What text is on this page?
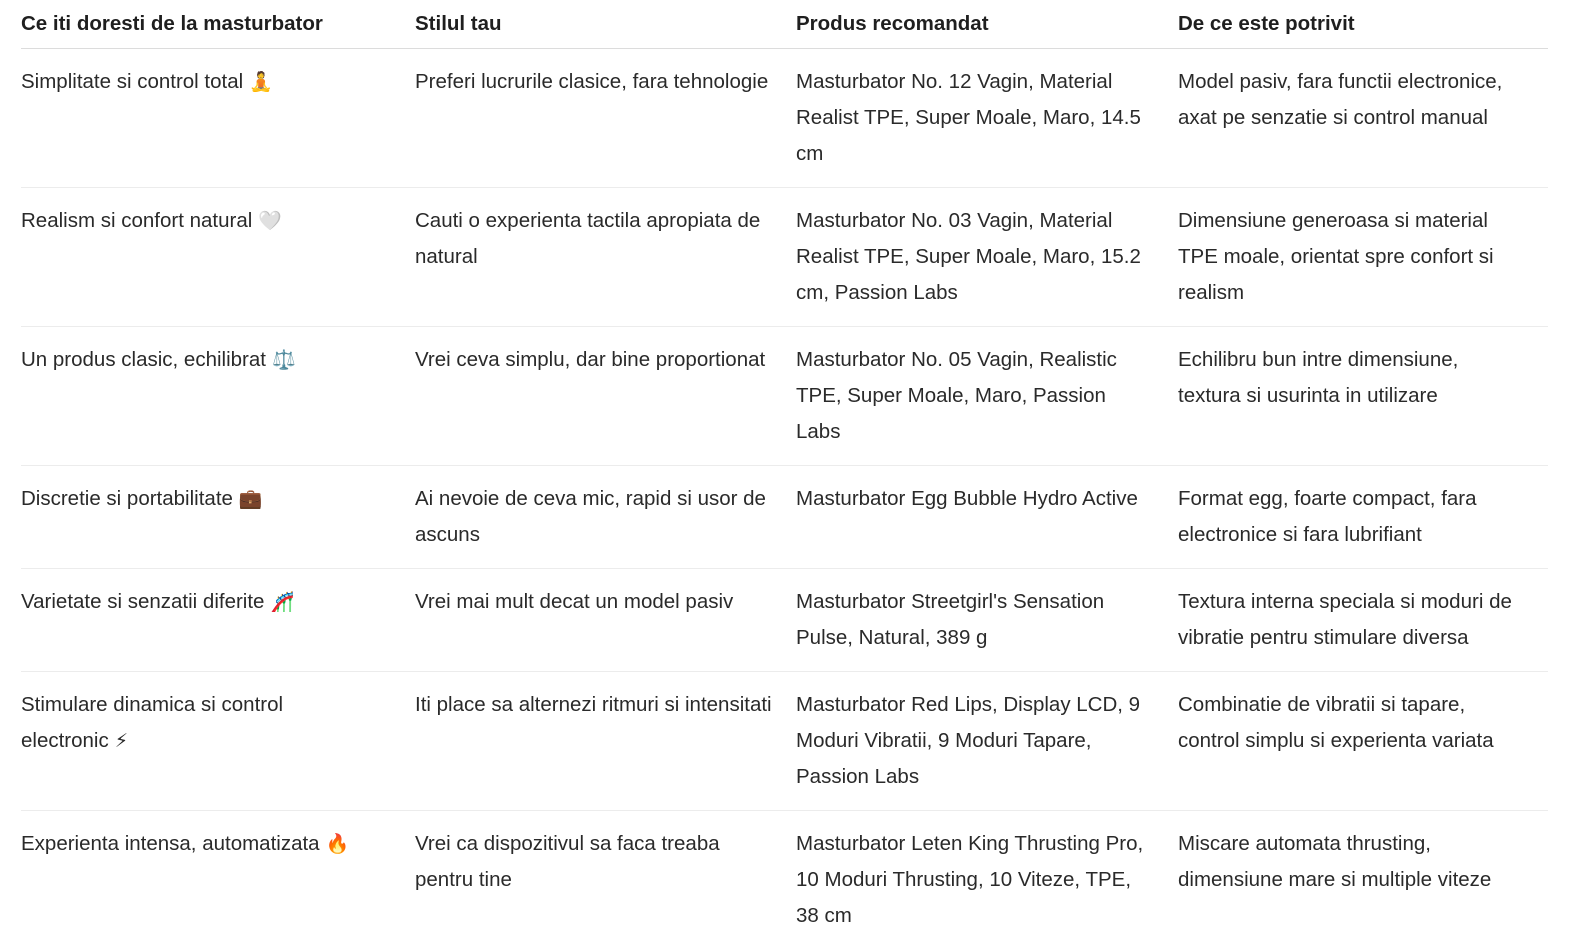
Ce iti doresti de la masturbator	Stilul tau	Produs recomandat	De ce este potrivit
Simplitate si control total 🧘	Preferi lucrurile clasice, fara tehnologie	Masturbator No. 12 Vagin, Material Realist TPE, Super Moale, Maro, 14.5 cm	Model pasiv, fara functii electronice, axat pe senzatie si control manual
Realism si confort natural 🤍	Cauti o experienta tactila apropiata de natural	Masturbator No. 03 Vagin, Material Realist TPE, Super Moale, Maro, 15.2 cm, Passion Labs	Dimensiune generoasa si material TPE moale, orientat spre confort si realism
Un produs clasic, echilibrat ⚖️	Vrei ceva simplu, dar bine proportionat	Masturbator No. 05 Vagin, Realistic TPE, Super Moale, Maro, Passion Labs	Echilibru bun intre dimensiune, textura si usurinta in utilizare
Discretie si portabilitate 💼	Ai nevoie de ceva mic, rapid si usor de ascuns	Masturbator Egg Bubble Hydro Active	Format egg, foarte compact, fara electronice si fara lubrifiant
Varietate si senzatii diferite 🎢	Vrei mai mult decat un model pasiv	Masturbator Streetgirl's Sensation Pulse, Natural, 389 g	Textura interna speciala si moduri de vibratie pentru stimulare diversa
Stimulare dinamica si control electronic ⚡	Iti place sa alternezi ritmuri si intensitati	Masturbator Red Lips, Display LCD, 9 Moduri Vibratii, 9 Moduri Tapare, Passion Labs	Combinatie de vibratii si tapare, control simplu si experienta variata
Experienta intensa, automatizata 🔥	Vrei ca dispozitivul sa faca treaba pentru tine	Masturbator Leten King Thrusting Pro, 10 Moduri Thrusting, 10 Viteze, TPE, 38 cm	Miscare automata thrusting, dimensiune mare si multiple viteze
